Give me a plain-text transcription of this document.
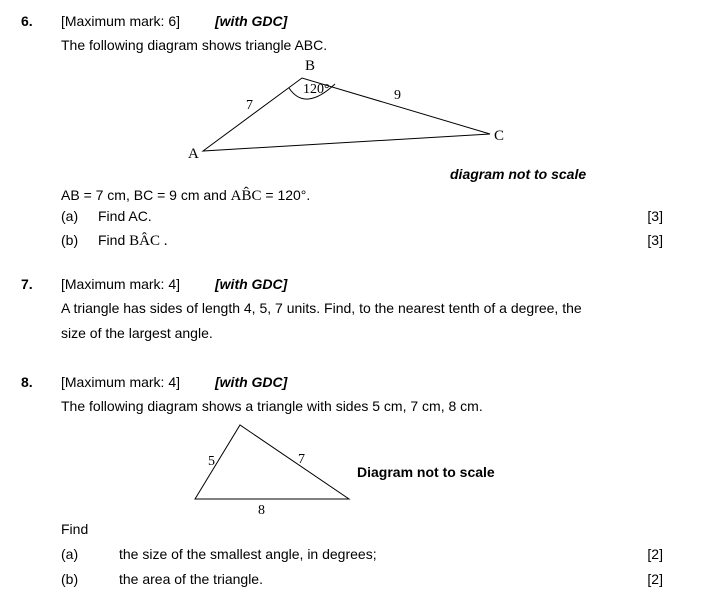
6. [Maximum mark: 6] [with GDC]
The following diagram shows triangle ABC.
B
A
C
7
9
120°
diagram not to scale
AB = 7 cm, BC = 9 cm and AB̂C = 120°.
(a) Find AC.	[3]
(b) Find BÂC .	[3]
7. [Maximum mark: 4] [with GDC]
A triangle has sides of length 4, 5, 7 units. Find, to the nearest tenth of a degree, the
size of the largest angle.
8. [Maximum mark: 4] [with GDC]
The following diagram shows a triangle with sides 5 cm, 7 cm, 8 cm.
5	7
8
Diagram not to scale
Find
(a)	the size of the smallest angle, in degrees;	[2]
(b)	the area of the triangle.	[2]
